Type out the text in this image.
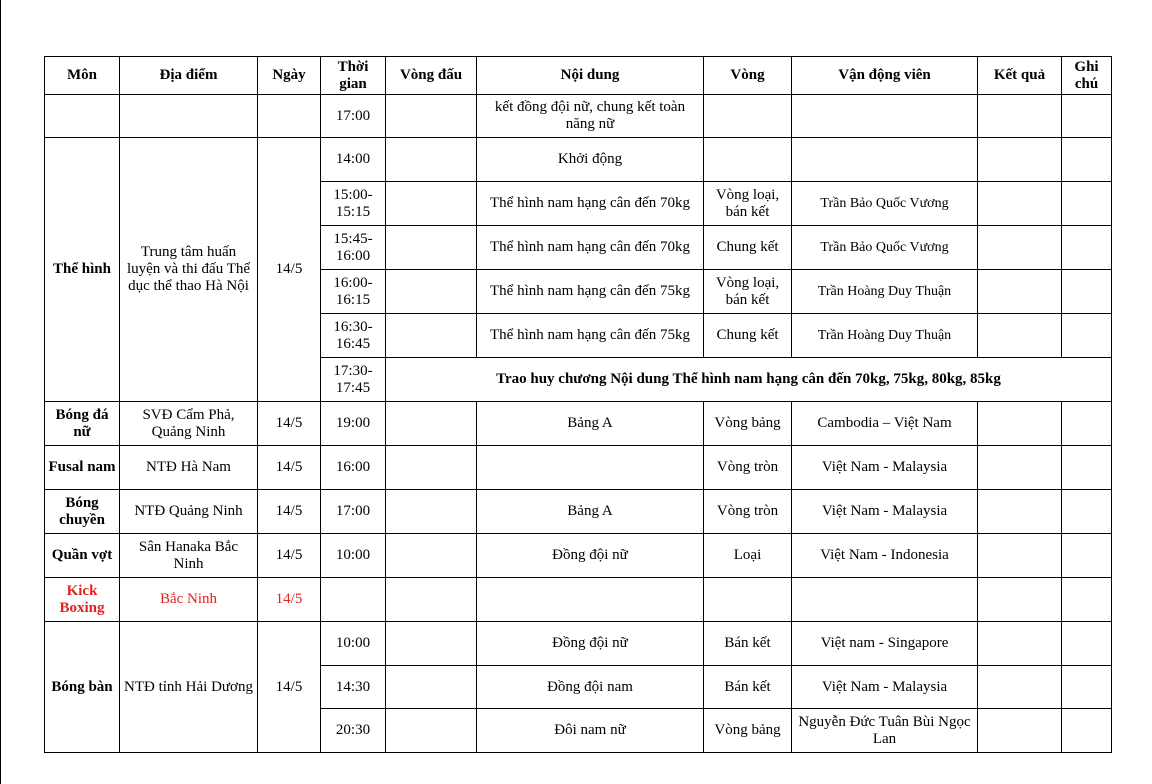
Môn	Địa điểm	Ngày	Thời gian	Vòng đấu	Nội dung	Vòng	Vận động viên	Kết quả	Ghi chú
			17:00		kết đồng đội nữ, chung kết toàn năng nữ				
Thể hình	Trung tâm huấn luyện và thi đấu Thể dục thể thao Hà Nội	14/5	14:00		Khởi động				
			15:00-15:15		Thể hình nam hạng cân đến 70kg	Vòng loại, bán kết	Trần Bảo Quốc Vương		
			15:45-16:00		Thể hình nam hạng cân đến 70kg	Chung kết	Trần Bảo Quốc Vương		
			16:00-16:15		Thể hình nam hạng cân đến 75kg	Vòng loại, bán kết	Trần Hoàng Duy Thuận		
			16:30-16:45		Thể hình nam hạng cân đến 75kg	Chung kết	Trần Hoàng Duy Thuận		
			17:30-17:45	Trao huy chương Nội dung Thể hình nam hạng cân đến 70kg, 75kg, 80kg, 85kg					
Bóng đá nữ	SVĐ Cẩm Phả, Quảng Ninh	14/5	19:00		Bảng A	Vòng bảng	Cambodia – Việt Nam		
Fusal nam	NTĐ Hà Nam	14/5	16:00			Vòng tròn	Việt Nam - Malaysia		
Bóng chuyền	NTĐ Quảng Ninh	14/5	17:00		Bảng A	Vòng tròn	Việt Nam - Malaysia		
Quần vợt	Sân Hanaka Bắc Ninh	14/5	10:00		Đồng đội nữ	Loại	Việt Nam - Indonesia		
Kick Boxing	Bắc Ninh	14/5							
Bóng bàn	NTĐ tỉnh Hải Dương	14/5	10:00		Đồng đội nữ	Bán kết	Việt nam - Singapore		
			14:30		Đồng đội nam	Bán kết	Việt Nam - Malaysia		
			20:30		Đôi nam nữ	Vòng bảng	Nguyễn Đức Tuân Bùi Ngọc Lan		
